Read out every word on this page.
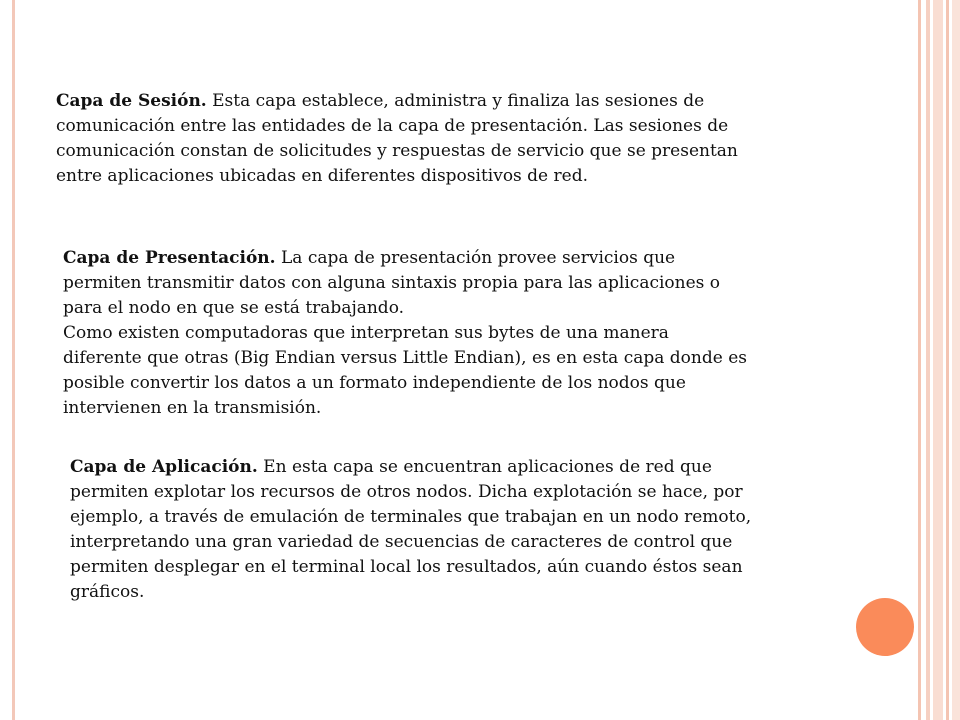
Capa de Sesión. Esta capa establece, administra y finaliza las sesiones de
comunicación entre las entidades de la capa de presentación. Las sesiones de
comunicación constan de solicitudes y respuestas de servicio que se presentan
entre aplicaciones ubicadas en diferentes dispositivos de red.

Capa de Presentación. La capa de presentación provee servicios que
permiten transmitir datos con alguna sintaxis propia para las aplicaciones o
para el nodo en que se está trabajando.
Como existen computadoras que interpretan sus bytes de una manera
diferente que otras (Big Endian versus Little Endian), es en esta capa donde es
posible convertir los datos a un formato independiente de los nodos que
intervienen en la transmisión.

Capa de Aplicación. En esta capa se encuentran aplicaciones de red que
permiten explotar los recursos de otros nodos. Dicha explotación se hace, por
ejemplo, a través de emulación de terminales que trabajan en un nodo remoto,
interpretando una gran variedad de secuencias de caracteres de control que
permiten desplegar en el terminal local los resultados, aún cuando éstos sean
gráficos.
